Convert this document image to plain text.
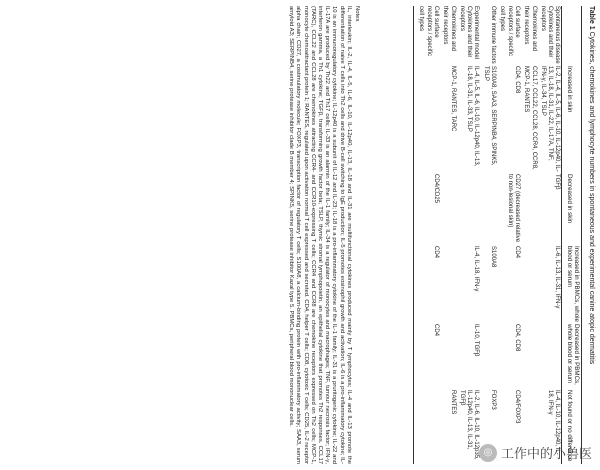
Table 1 Cytokines, chemokines and lymphocyte numbers in spontaneous and experimental canine atopic dermatitis
	Increased in skin	Decreased in skin	Increased in PBMCs, whole blood or serum	Decreased in PBMCs, whole blood or serum	Not found or no difference
Spontaneous disease
Cytokines and their receptors	IL-2, IL-4, IL-5, IL-6, IL-10, IL-12p40, IL-13, IL-18, IL-31, IL-22, IL-17A, TNF, IFN-γ, IL-34, TSLP	TGFβ	IL-6, IL-13, IL-31, IFN-γ		IL-4, IL-10, IL-12p40, IL-18, IFN-γ
Chemokines and their receptors	CCL17, CCL22, CCL28, CCR4, CCR8, MCP-1, RANTES				
Cell surface receptors / specific cell types	CD4, CD8	CD27 (decreased relative to non-lesional skin)	CD4	CD4, CD8	CD4/FOXP3
Other immune factors	S100A8, SAA3, SERPINB4, SPINK5, TSLP		S100A8		FOXP3
Experimental model
Cytokines and their receptors	IL-4, IL-5, IL-6, IL-10, IL-12p40, IL-13, IL-18, IL-31, IL-33, TSLP		IL-4, IL-18, IFN-γ	IL-10, TGFβ	IL-2, IL-6, IL-10, IL-12p35, IL-12p40, IL-13, IL-31, TGFβ
Chemokines and their receptors	MCP-1, RANTES, TARC				RANTES
Cell surface receptors / specific cell types		CD4/CD25	CD4	CD4	

Notes

IL, interleukin; IL-2, IL-4, IL-5, IL-6, IL-10, IL-12p40, IL-13, IL-18 and IL-31 are multifunctional cytokines produced mainly by T lymphocytes; IL-4 and IL-13 promote the differentiation of naive T cells into Th2 cells and drive B-cell switching to IgE production; IL-5 promotes eosinophil growth and activation; IL-6 is a pro-inflammatory cytokine; IL-10 is an immunoregulatory cytokine; IL-12p40 is a subunit of IL-12 and IL-23; IL-18 is a pro-inflammatory cytokine of the IL-1 family; IL-31 is a pruritogenic cytokine; IL-22 and IL-17A are produced by Th22 and Th17 cells; IL-33 is an alarmin of the IL-1 family; IL-34 is a regulator of monocytes and macrophages; TNF, tumour necrosis factor; IFN-γ, interferon gamma, a Th1 cytokine; TGFβ, transforming growth factor beta; TSLP, thymic stromal lymphopoietin, an epithelial cytokine that promotes Th2 responses. CCL17 (TARC), CCL22 and CCL28 are chemokines attracting CCR4- and CCR10-expressing T cells; CCR4 and CCR8 are chemokine receptors expressed on Th2 cells; MCP-1, monocyte chemoattractant protein 1; RANTES, regulated upon activation normal T cell expressed and secreted. CD4, helper T cells; CD8, cytotoxic T cells; CD25, IL-2 receptor alpha chain; CD27, a costimulatory molecule; FOXP3, transcription factor of regulatory T cells; S100A8, a calcium-binding protein with pro-inflammatory activity; SAA3, serum amyloid A3; SERPINB4, serine protease inhibitor clade B member 4; SPINK5, serine protease inhibitor Kazal type 5. PBMCs, peripheral blood mononuclear cells.

◎ 工作中的小兽医
